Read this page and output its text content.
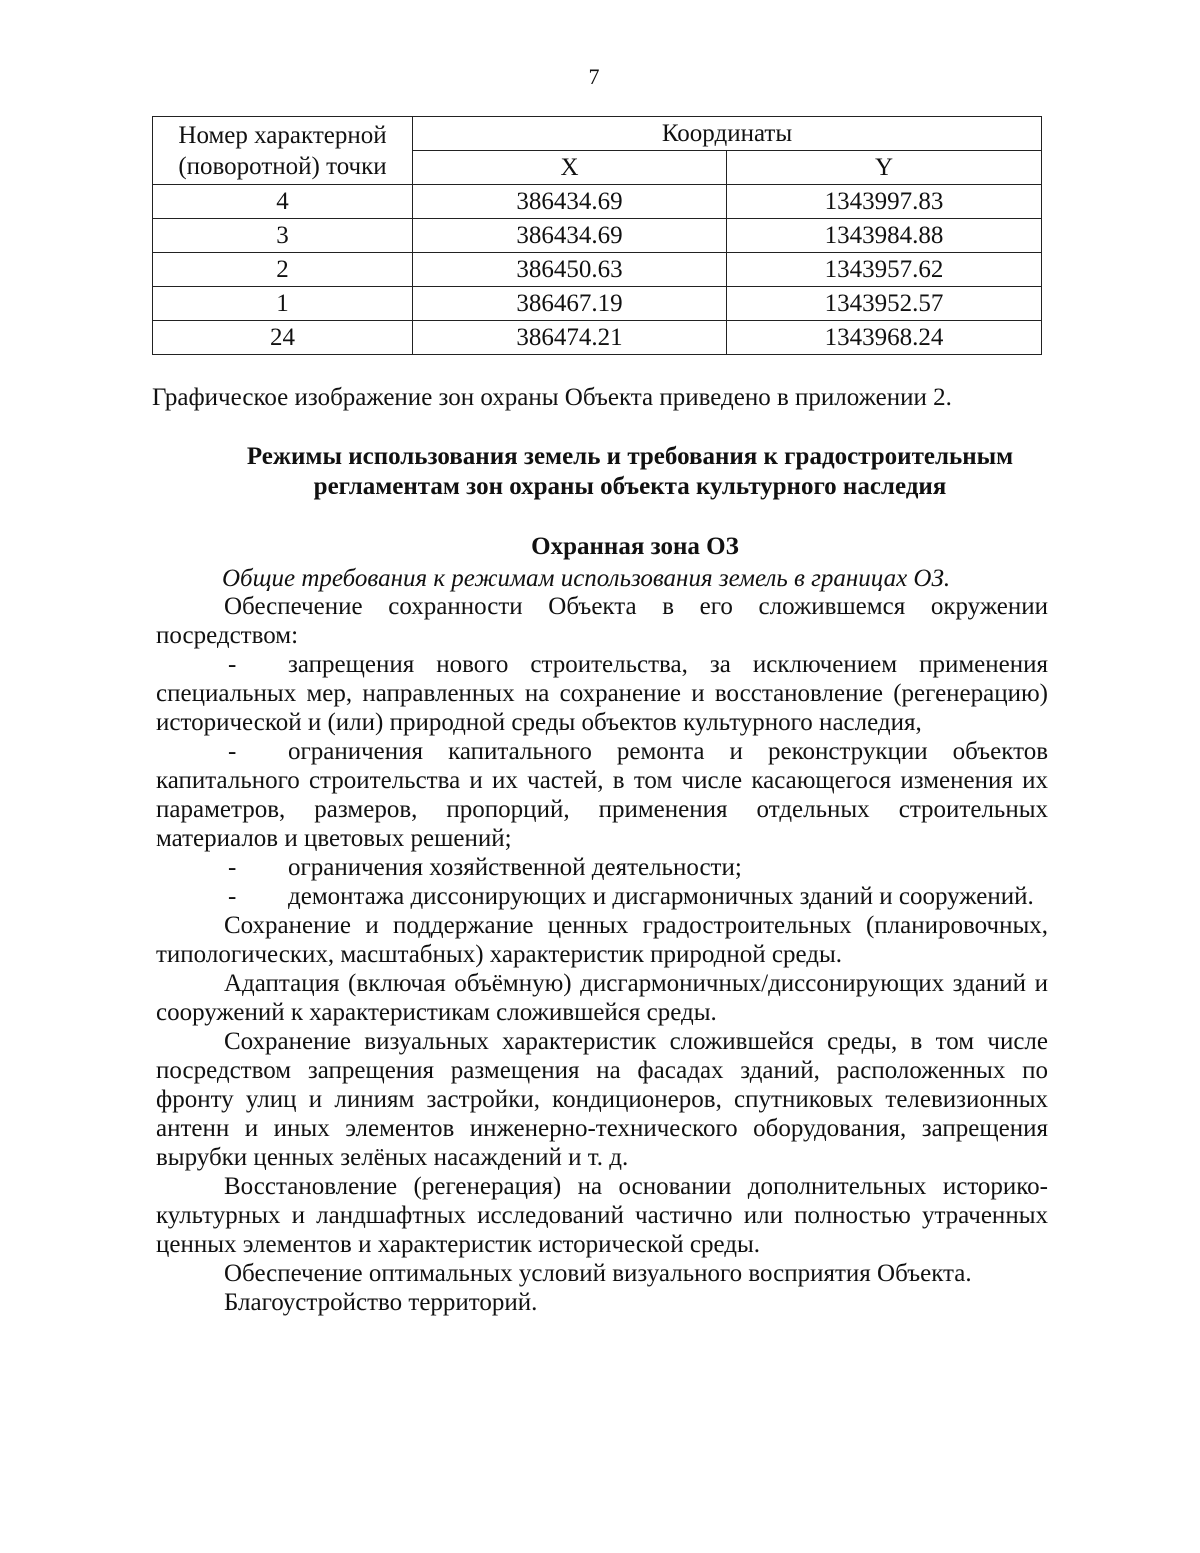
7
Номер характерной (поворотной) точки	Координаты	
	X	Y
4	386434.69	1343997.83
3	386434.69	1343984.88
2	386450.63	1343957.62
1	386467.19	1343952.57
24	386474.21	1343968.24
Графическое изображение зон охраны Объекта приведено в приложении 2.
Режимы использования земель и требования к градостроительным
регламентам зон охраны объекта культурного наследия
Охранная зона ОЗ
Общие требования к режимам использования земель в границах ОЗ.

Обеспечение сохранности Объекта в его сложившемся окружении посредством:

- запрещения нового строительства, за исключением применения специальных мер, направленных на сохранение и восстановление (регенерацию) исторической и (или) природной среды объектов культурного наследия,

- ограничения капитального ремонта и реконструкции объектов капитального строительства и их частей, в том числе касающегося изменения их параметров, размеров, пропорций, применения отдельных строительных материалов и цветовых решений;

- ограничения хозяйственной деятельности;

- демонтажа диссонирующих и дисгармоничных зданий и сооружений.

Сохранение и поддержание ценных градостроительных (планировочных, типологических, масштабных) характеристик природной среды.

Адаптация (включая объёмную) дисгармоничных/диссонирующих зданий и сооружений к характеристикам сложившейся среды.

Сохранение визуальных характеристик сложившейся среды, в том числе посредством запрещения размещения на фасадах зданий, расположенных по фронту улиц и линиям застройки, кондиционеров, спутниковых телевизионных антенн и иных элементов инженерно-технического оборудования, запрещения вырубки ценных зелёных насаждений и т. д.

Восстановление (регенерация) на основании дополнительных историко-культурных и ландшафтных исследований частично или полностью утраченных ценных элементов и характеристик исторической среды.

Обеспечение оптимальных условий визуального восприятия Объекта.

Благоустройство территорий.
